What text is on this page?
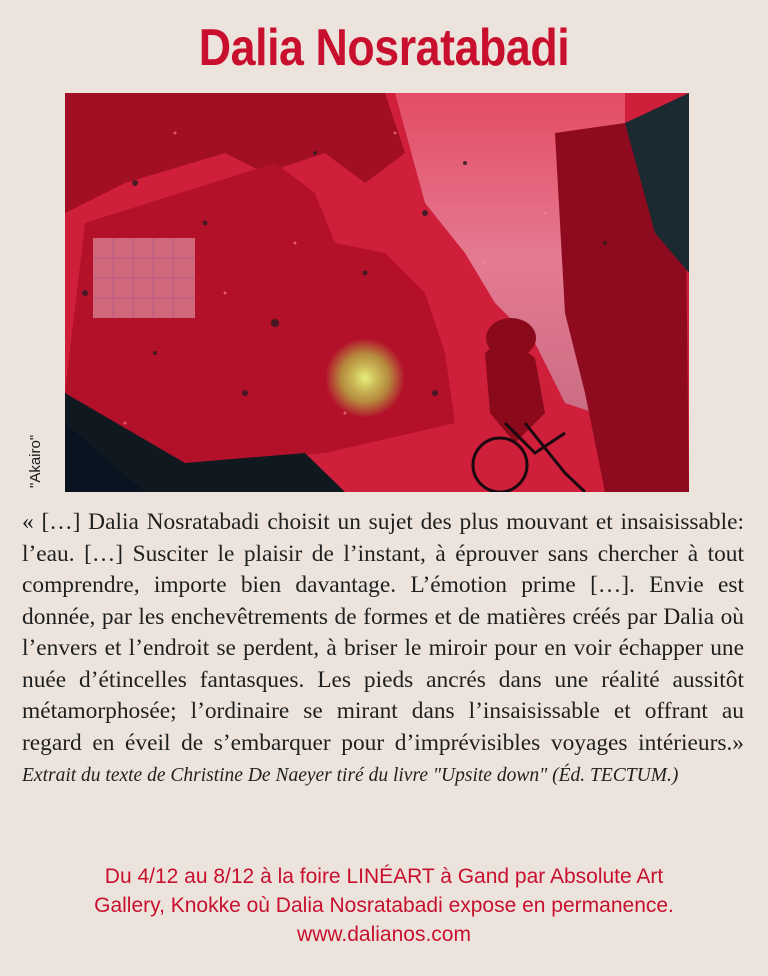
Dalia Nosratabadi
"Akairo"
« […] Dalia Nosratabadi choisit un sujet des plus mouvant et insaisissable: l’eau. […] Susciter le plaisir de l’instant, à éprouver sans chercher à tout comprendre, importe bien davantage. L’émotion prime […]. Envie est donnée, par les enchevêtrements de formes et de matières créés par Dalia où l’envers et l’endroit se perdent, à briser le miroir pour en voir échapper une nuée d’étincelles fantasques. Les pieds ancrés dans une réalité aussitôt métamorphosée; l’ordinaire se mirant dans l’insaisissable et offrant au regard en éveil de s’embarquer pour d’imprévisibles voyages intérieurs.» Extrait du texte de Christine De Naeyer tiré du livre "Upsite down" (Éd. TECTUM.)
Du 4/12 au 8/12 à la foire LINÉART à Gand par Absolute Art
Gallery, Knokke où Dalia Nosratabadi expose en permanence.
www.dalianos.com
